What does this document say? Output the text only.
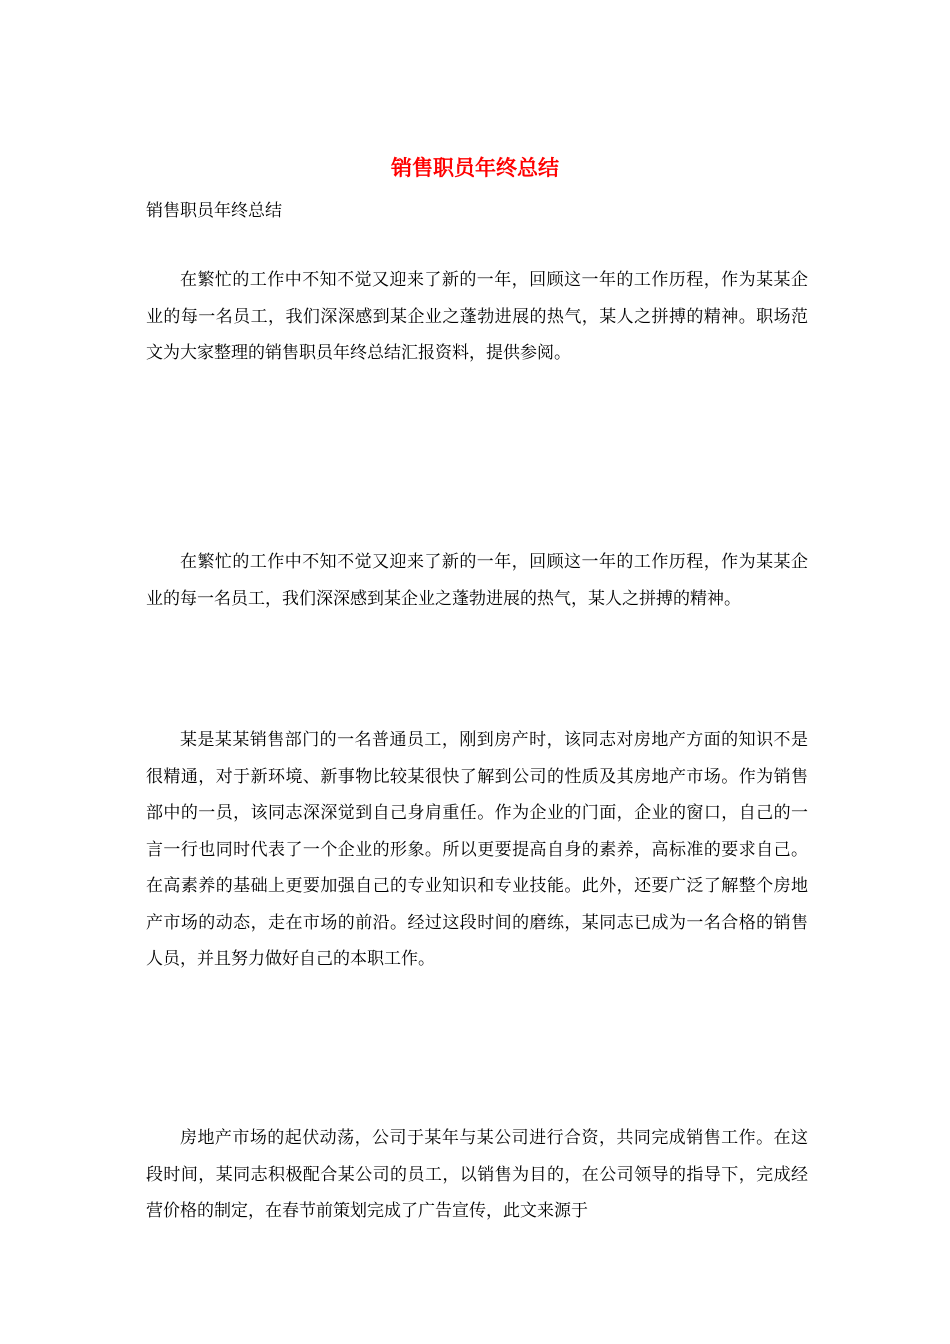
销售职员年终总结
销售职员年终总结

在繁忙的工作中不知不觉又迎来了新的一年，回顾这一年的工作历程，作为某某企业的每一名员工，我们深深感到某企业之蓬勃进展的热气，某人之拼搏的精神。职场范文为大家整理的销售职员年终总结汇报资料，提供参阅。

在繁忙的工作中不知不觉又迎来了新的一年，回顾这一年的工作历程，作为某某企业的每一名员工，我们深深感到某企业之蓬勃进展的热气，某人之拼搏的精神。

某是某某销售部门的一名普通员工，刚到房产时，该同志对房地产方面的知识不是很精通，对于新环境、新事物比较某很快了解到公司的性质及其房地产市场。作为销售部中的一员，该同志深深觉到自己身肩重任。作为企业的门面，企业的窗口，自己的一言一行也同时代表了一个企业的形象。所以更要提高自身的素养，高标准的要求自己。在高素养的基础上更要加强自己的专业知识和专业技能。此外，还要广泛了解整个房地产市场的动态，走在市场的前沿。经过这段时间的磨练，某同志已成为一名合格的销售人员，并且努力做好自己的本职工作。

房地产市场的起伏动荡，公司于某年与某公司进行合资，共同完成销售工作。在这段时间，某同志积极配合某公司的员工，以销售为目的，在公司领导的指导下，完成经营价格的制定，在春节前策划完成了广告宣传，此文来源于
